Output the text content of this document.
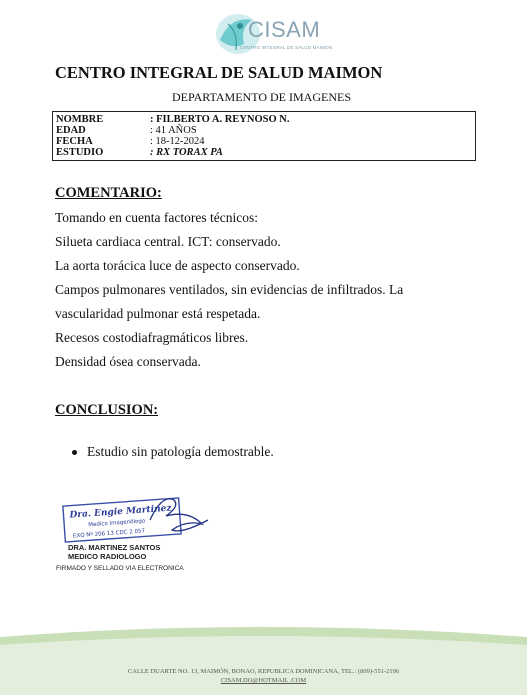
CISAM
CENTRO INTEGRAL DE SALUD MAIMON
CENTRO INTEGRAL DE SALUD MAIMON
DEPARTAMENTO DE IMAGENES
NOMBRE	: FILBERTO A. REYNOSO N.
EDAD	: 41 AÑOS
FECHA	: 18-12-2024
ESTUDIO	: RX TORAX PA
COMENTARIO:
Tomando en cuenta factores técnicos:
Silueta cardiaca central. ICT: conservado.
La aorta torácica luce de aspecto conservado.
Campos pulmonares ventilados, sin evidencias de infiltrados. La
vascularidad pulmonar está respetada.
Recesos costodiafragmáticos libres.
Densidad ósea conservada.
CONCLUSION:
Estudio sin patología demostrable.
Dra. Engie Martinez
Medico Imagenólogo
EXQ Nº 206 13 CDC 2 057
DRA. MARTINEZ SANTOS
MEDICO RADIOLOGO
FIRMADO Y SELLADO VIA ELECTRONICA
CALLE DUARTE NO. 13, MAIMÓN, BONAO, REPUBLICA DOMINICANA, TEL.: (809)-551-2196
CISAM.DO@HOTMAIL .COM
